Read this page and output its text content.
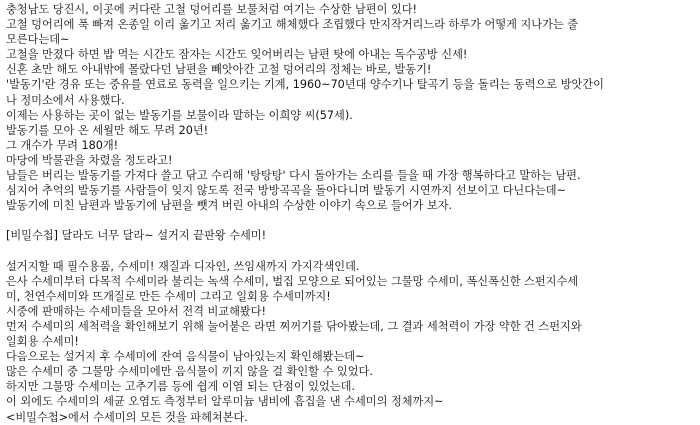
충청남도 당진시, 이곳에 커다란 고철 덩어리를 보물처럼 여기는 수상한 남편이 있다!
고철 덩어리에 푹 빠져 온종일 이리 옮기고 저리 옮기고 해체했다 조립했다 만지작거리느라 하루가 어떻게 지나가는 줄
모른다는데~
고철을 만졌다 하면 밥 먹는 시간도 잠자는 시간도 잊어버리는 남편 탓에 아내는 독수공방 신세!
신혼 초만 해도 아내밖에 몰랐다던 남편을 빼앗아간 고철 덩어리의 정체는 바로, 발동기!
'발동기'란 경유 또는 중유를 연료로 동력을 일으키는 기계, 1960~70년대 양수기나 탈곡기 등을 돌리는 동력으로 방앗간이
나 정미소에서 사용했다.
이제는 사용하는 곳이 없는 발동기를 보물이라 말하는 이희양 씨(57세).
발동기를 모아 온 세월만 해도 무려 20년!
그 개수가 무려 180개!
마당에 박물관을 차렸을 정도라고!
남들은 버리는 발동기를 가져다 쓸고 닦고 수리해 '탕탕탕' 다시 돌아가는 소리를 들을 때 가장 행복하다고 말하는 남편.
심지어 추억의 발동기를 사람들이 잊지 않도록 전국 방방곡곡을 돌아다니며 발동기 시연까지 선보이고 다닌다는데~
발동기에 미친 남편과 발동기에 남편을 뺏겨 버린 아내의 수상한 이야기 속으로 들어가 보자.
[비밀수첩] 달라도 너무 달라~ 설거지 끝판왕 수세미!
설거지할 때 필수용품, 수세미! 재질과 디자인, 쓰임새까지 가지각색인데.
은사 수세미부터 다목적 수세미라 불리는 녹색 수세미, 벌집 모양으로 되어있는 그물망 수세미, 폭신폭신한 스펀지수세
미, 천연수세미와 뜨개질로 만든 수세미 그리고 일회용 수세미까지!
시중에 판매하는 수세미들을 모아서 전격 비교해봤다!
먼저 수세미의 세척력을 확인해보기 위해 눌어붙은 라면 찌꺼기를 닦아봤는데, 그 결과 세척력이 가장 약한 건 스펀지와
일회용 수세미!
다음으로는 설거지 후 수세미에 잔여 음식물이 남아있는지 확인해봤는데~
많은 수세미 중 그물망 수세미에만 음식물이 끼지 않을 걸 확인할 수 있었다.
하지만 그물망 수세미는 고추기름 등에 쉽게 이염 되는 단점이 있었는데.
이 외에도 수세미의 세균 오염도 측정부터 알루미늄 냄비에 흠집을 낸 수세미의 정체까지~
<비밀수첩>에서 수세미의 모든 것을 파헤쳐본다.
